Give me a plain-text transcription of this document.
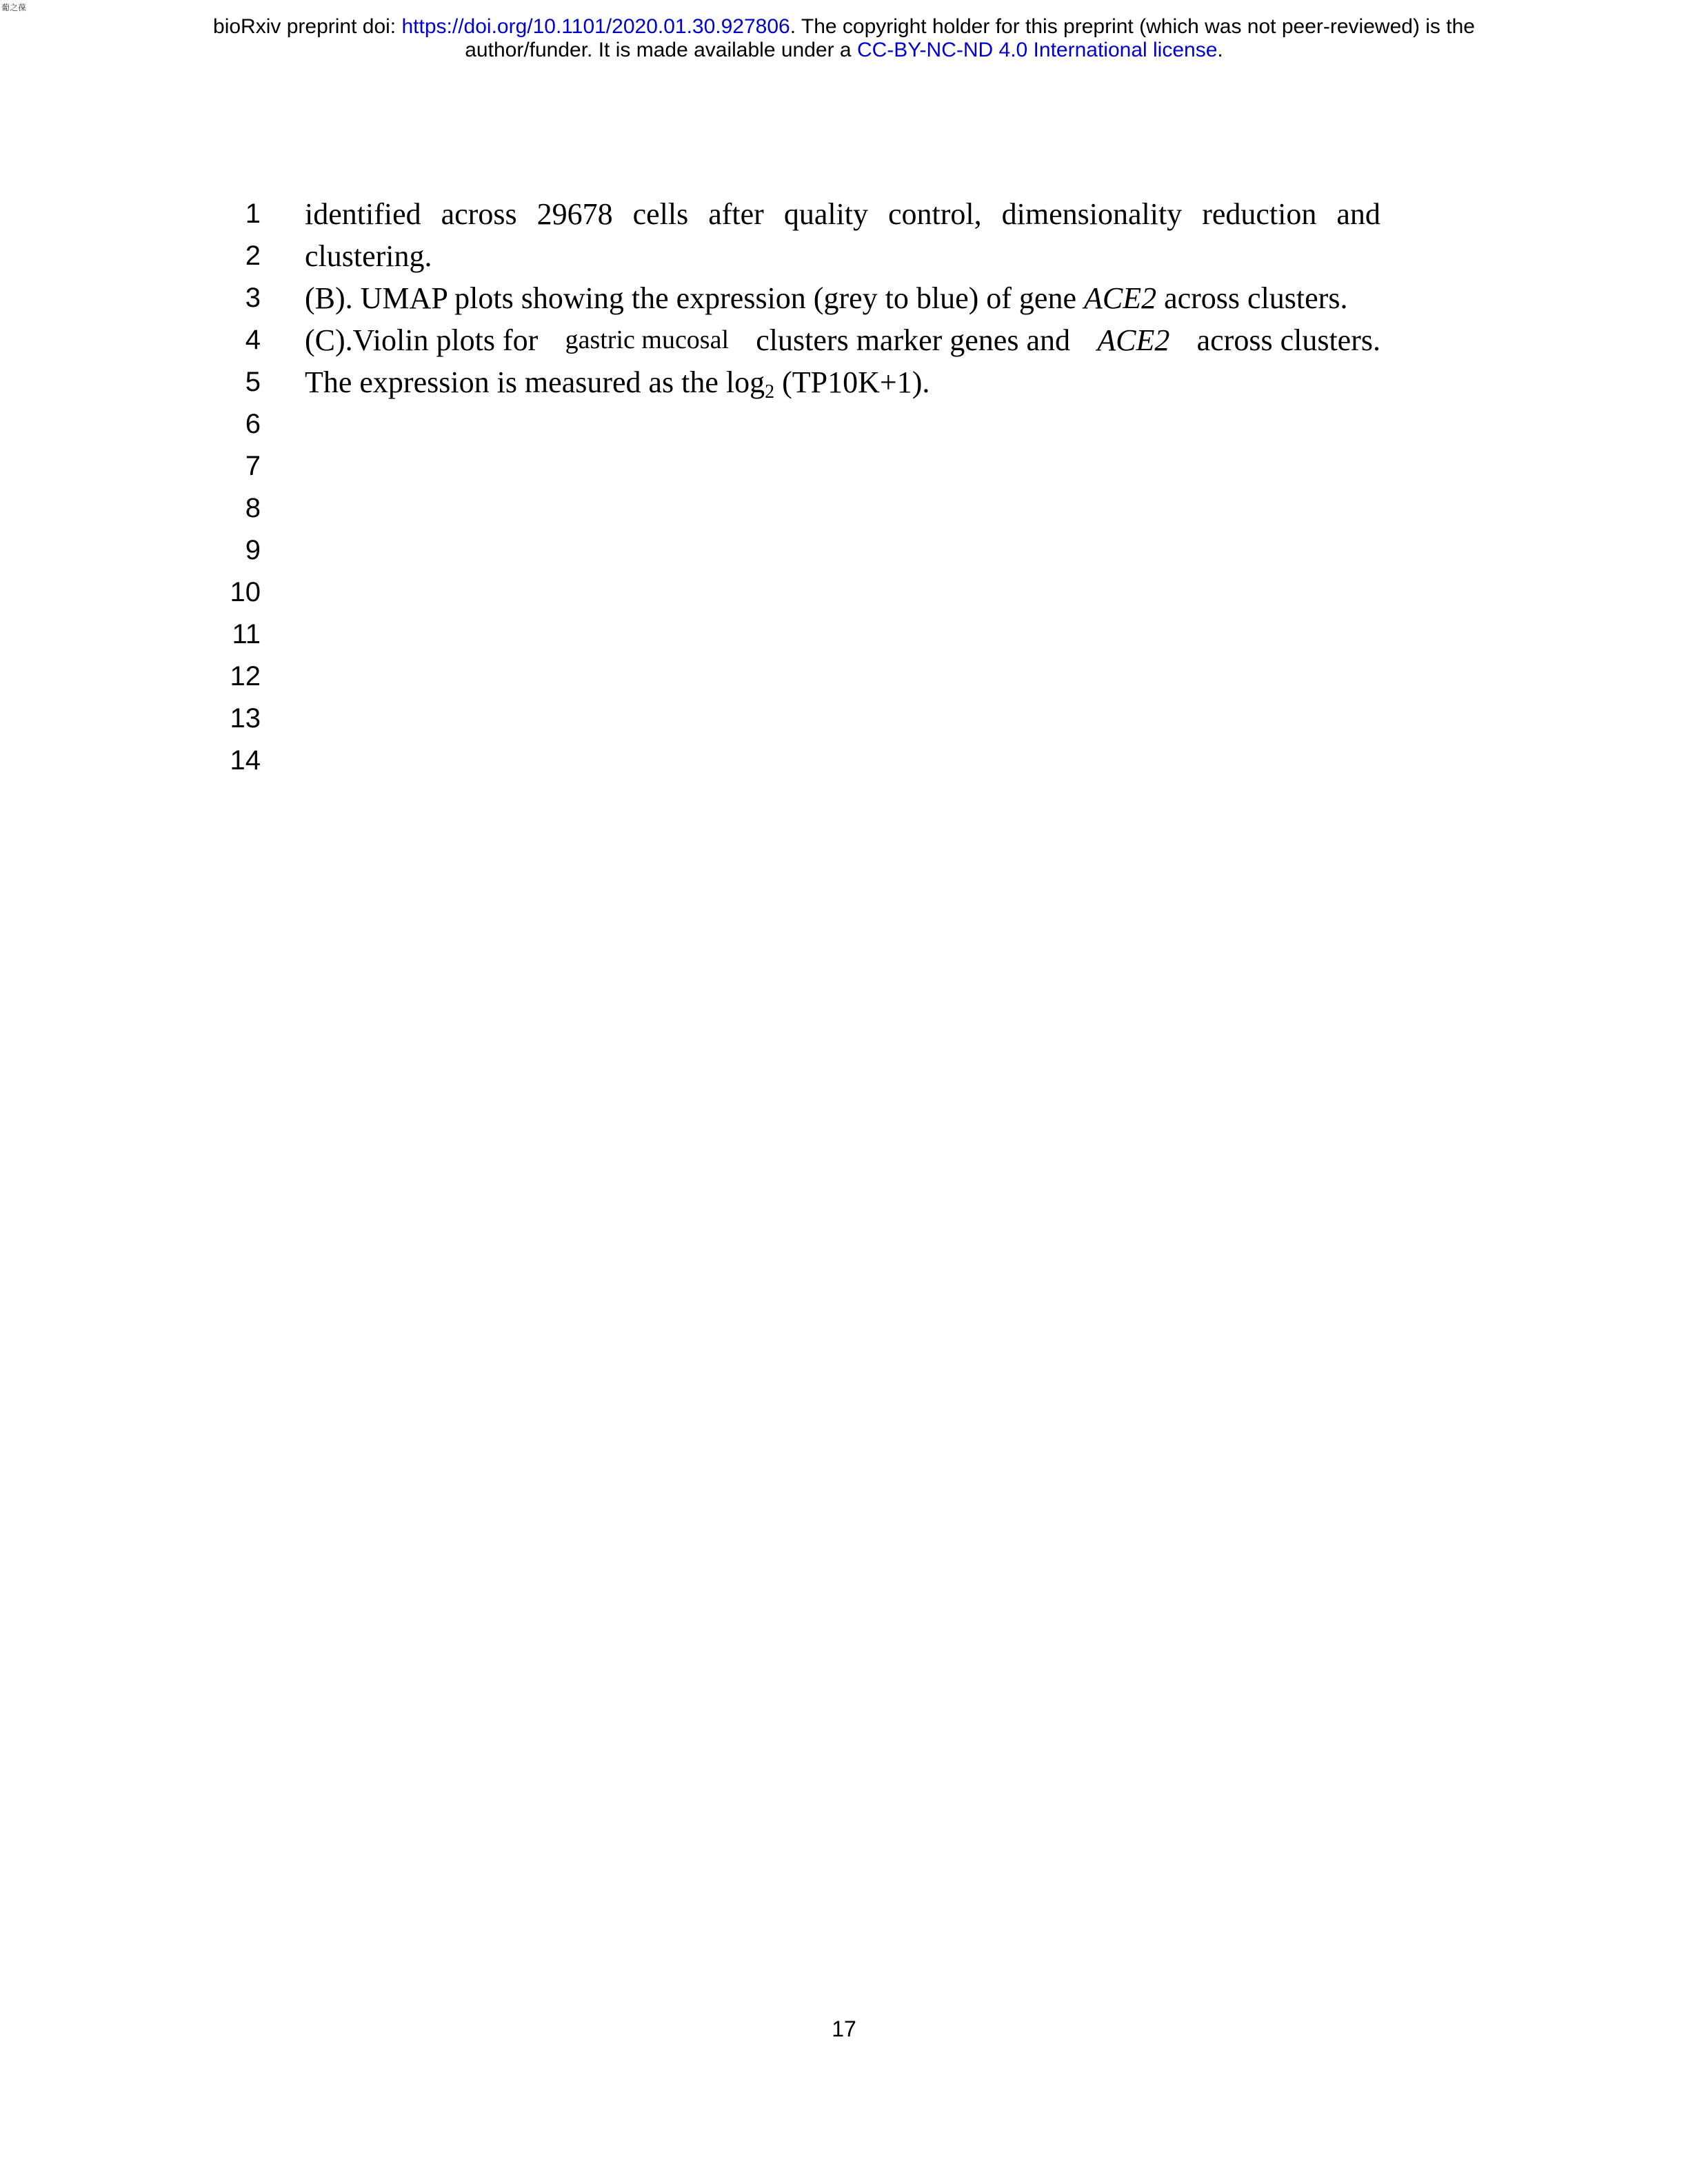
葡之葆
bioRxiv preprint doi: https://doi.org/10.1101/2020.01.30.927806. The copyright holder for this preprint (which was not peer-reviewed) is the
author/funder. It is made available under a CC-BY-NC-ND 4.0 International license.
1
2
3
4
5
6
7
8
9
10
11
12
13
14
identified across 29678 cells after quality control, dimensionality reduction and
clustering.
(B). UMAP plots showing the expression (grey to blue) of gene ACE2 across clusters.
(C).Violin plots for gastric mucosal clusters marker genes and ACE2 across clusters.
The expression is measured as the $\log_2 (TP10K+1)$.
17
